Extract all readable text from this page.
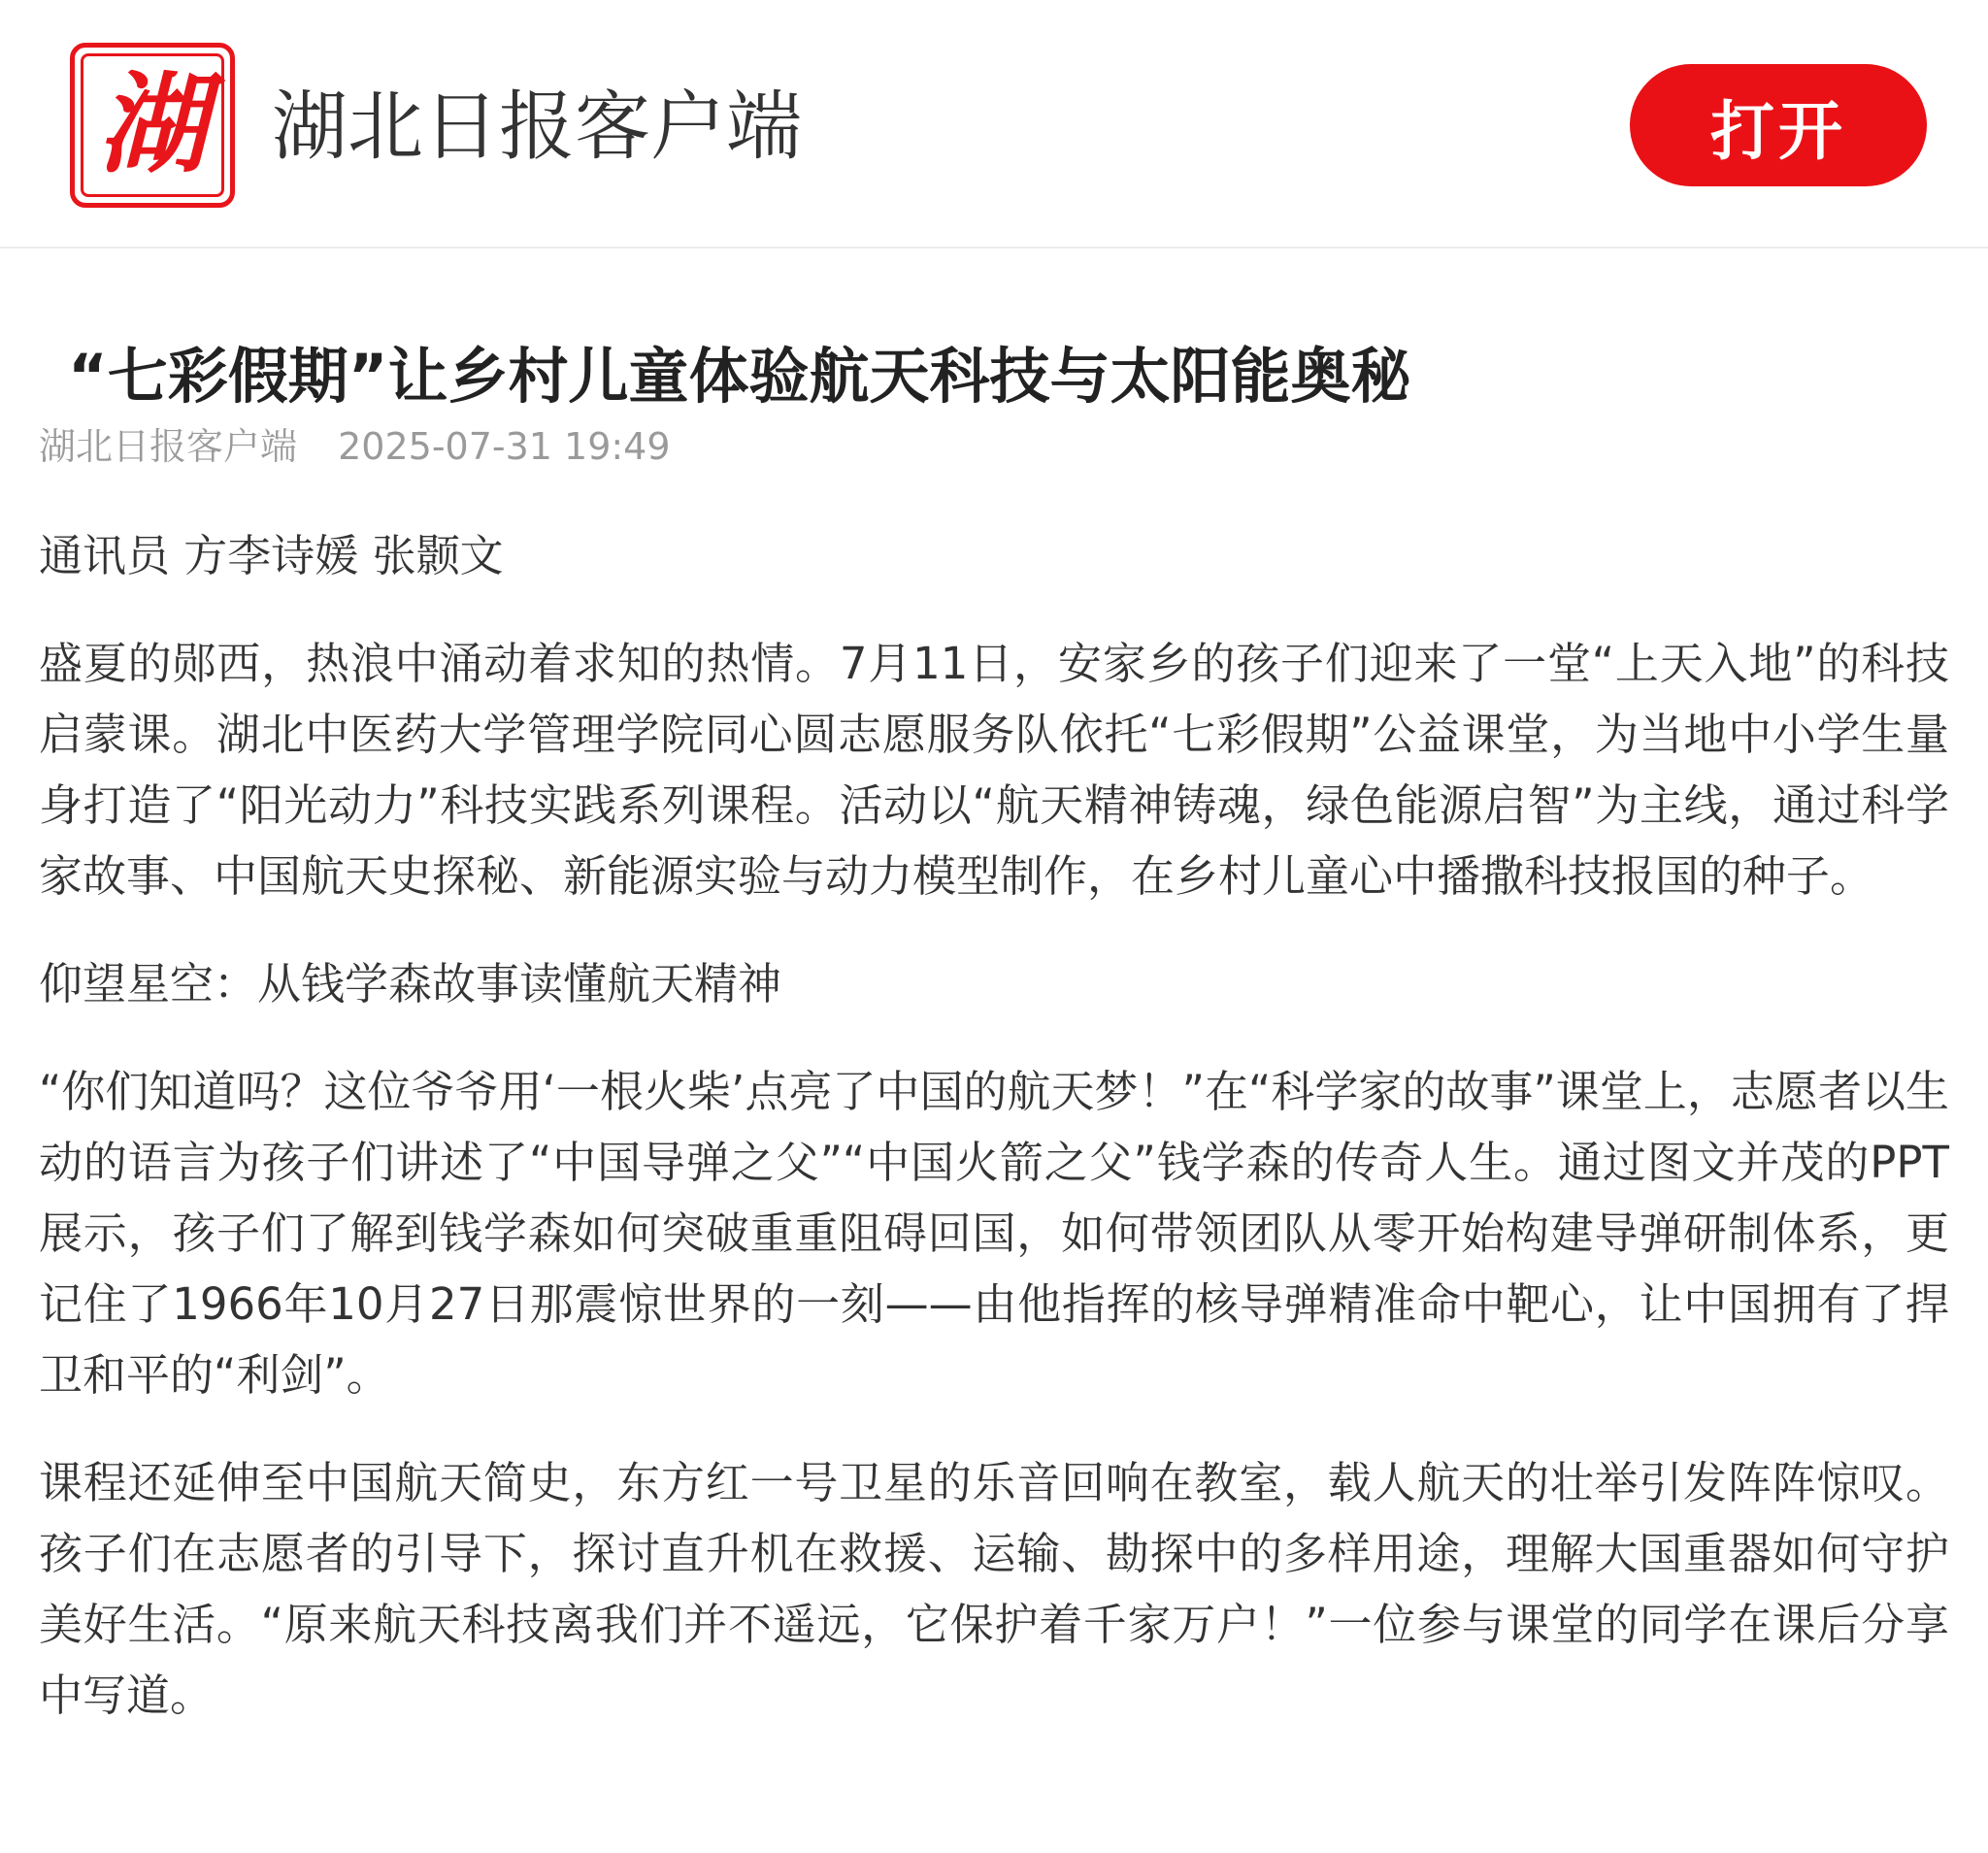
湖 湖北日报客户端	打开
“七彩假期”让乡村儿童体验航天科技与太阳能奥秘
湖北日报客户端 2025-07-31 19:49

通讯员 方李诗媛 张颢文

盛夏的郧西，热浪中涌动着求知的热情。7月11日，安家乡的孩子们迎来了一堂“上天入地”的科技启蒙课。湖北中医药大学管理学院同心圆志愿服务队依托“七彩假期”公益课堂，为当地中小学生量身打造了“阳光动力”科技实践系列课程。活动以“航天精神铸魂，绿色能源启智”为主线，通过科学家故事、中国航天史探秘、新能源实验与动力模型制作，在乡村儿童心中播撒科技报国的种子。

仰望星空：从钱学森故事读懂航天精神

“你们知道吗？这位爷爷用‘一根火柴’点亮了中国的航天梦！”在“科学家的故事”课堂上，志愿者以生动的语言为孩子们讲述了“中国导弹之父”“中国火箭之父”钱学森的传奇人生。通过图文并茂的PPT展示，孩子们了解到钱学森如何突破重重阻碍回国，如何带领团队从零开始构建导弹研制体系，更记住了1966年10月27日那震惊世界的一刻——由他指挥的核导弹精准命中靶心，让中国拥有了捍卫和平的“利剑”。

课程还延伸至中国航天简史，东方红一号卫星的乐音回响在教室，载人航天的壮举引发阵阵惊叹。孩子们在志愿者的引导下，探讨直升机在救援、运输、勘探中的多样用途，理解大国重器如何守护美好生活。“原来航天科技离我们并不遥远，它保护着千家万户！”一位参与课堂的同学在课后分享中写道。
